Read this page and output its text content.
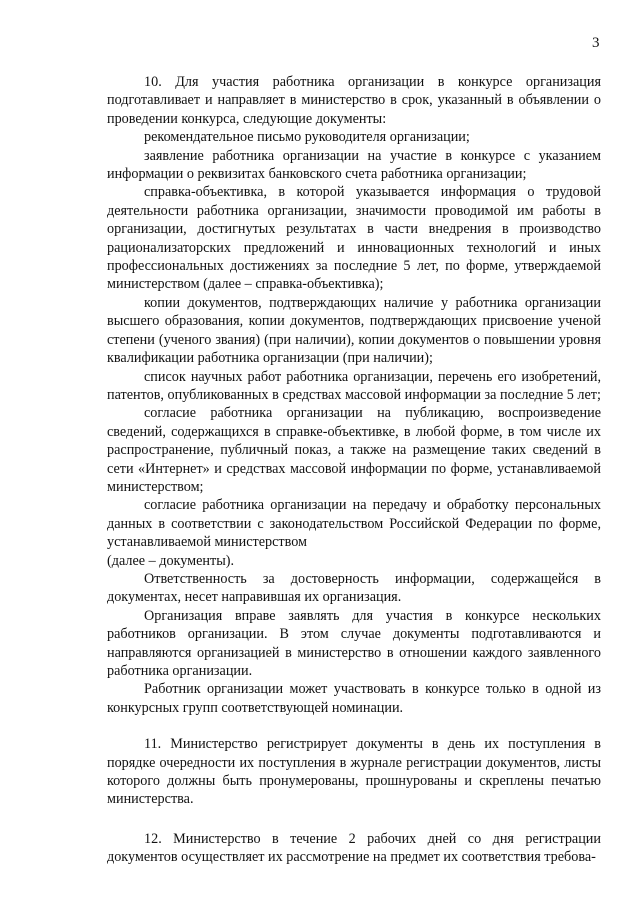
3

10. Для участия работника организации в конкурсе организация подготавливает и направляет в министерство в срок, указанный в объявлении о проведении конкурса, следующие документы:

рекомендательное письмо руководителя организации;

заявление работника организации на участие в конкурсе с указанием информации о реквизитах банковского счета работника организации;

справка-объективка, в которой указывается информация о трудовой деятельности работника организации, значимости проводимой им работы в организации, достигнутых результатах в части внедрения в производство рационализаторских предложений и инновационных технологий и иных профессиональных достижениях за последние 5 лет, по форме, утверждаемой министерством (далее – справка-объективка);

копии документов, подтверждающих наличие у работника организации высшего образования, копии документов, подтверждающих присвоение ученой степени (ученого звания) (при наличии), копии документов о повышении уровня квалификации работника организации (при наличии);

список научных работ работника организации, перечень его изобретений, патентов, опубликованных в средствах массовой информации за последние 5 лет;

согласие работника организации на публикацию, воспроизведение сведений, содержащихся в справке-объективке, в любой форме, в том числе их распространение, публичный показ, а также на размещение таких сведений в сети «Интернет» и средствах массовой информации по форме, устанавливаемой министерством;

согласие работника организации на передачу и обработку персональных данных в соответствии с законодательством Российской Федерации по форме, устанавливаемой министерством

(далее – документы).

Ответственность за достоверность информации, содержащейся в документах, несет направившая их организация.

Организация вправе заявлять для участия в конкурсе нескольких работников организации. В этом случае документы подготавливаются и направляются организацией в министерство в отношении каждого заявленного работника организации.

Работник организации может участвовать в конкурсе только в одной из конкурсных групп соответствующей номинации.

11. Министерство регистрирует документы в день их поступления в порядке очередности их поступления в журнале регистрации документов, листы которого должны быть пронумерованы, прошнурованы и скреплены печатью министерства.

12. Министерство в течение 2 рабочих дней со дня регистрации документов осуществляет их рассмотрение на предмет их соответствия требова-
